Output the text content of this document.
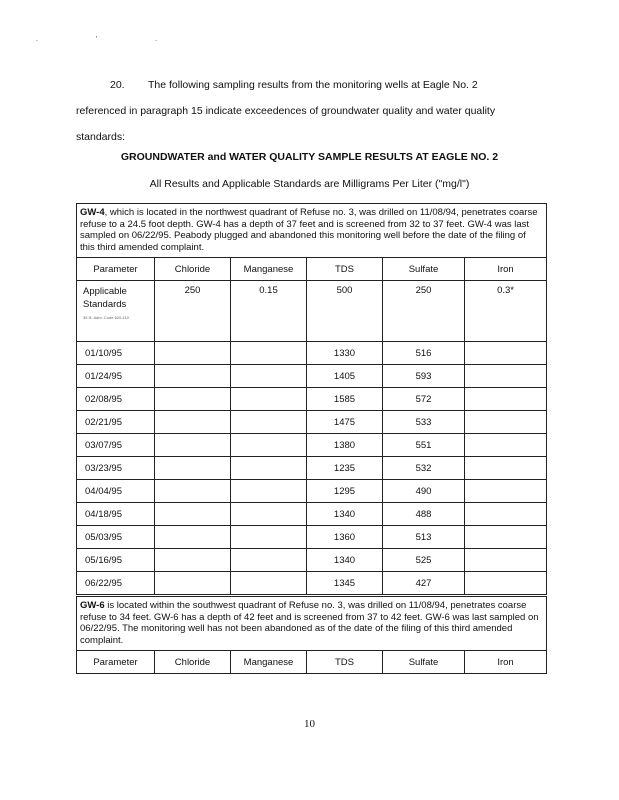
. ' .
20. The following sampling results from the monitoring wells at Eagle No. 2
referenced in paragraph 15 indicate exceedences of groundwater quality and water quality
standards:
GROUNDWATER and WATER QUALITY SAMPLE RESULTS AT EAGLE NO. 2
All Results and Applicable Standards are Milligrams Per Liter ("mg/l")
GW-4, which is located in the northwest quadrant of Refuse no. 3, was drilled on 11/08/94, penetrates coarse refuse to a 24.5 foot depth. GW-4 has a depth of 37 feet and is screened from 32 to 37 feet. GW-4 was last sampled on 06/22/95. Peabody plugged and abandoned this monitoring well before the date of the filing of this third amended complaint.					
Parameter	Chloride	Manganese	TDS	Sulfate	Iron

Applicable
Standards
35 Ill. Adm. Code 620.410	250	0.15	500	250	0.3*
01/10/95			1330	516	
01/24/95			1405	593	
02/08/95			1585	572	
02/21/95			1475	533	
03/07/95			1380	551	
03/23/95			1235	532	
04/04/95			1295	490	
04/18/95			1340	488	
05/03/95			1360	513	
05/16/95			1340	525	
06/22/95			1345	427	
GW-6 is located within the southwest quadrant of Refuse no. 3, was drilled on 11/08/94, penetrates coarse refuse to 34 feet. GW-6 has a depth of 42 feet and is screened from 37 to 42 feet. GW-6 was last sampled on 06/22/95. The monitoring well has not been abandoned as of the date of the filing of this third amended complaint.
Parameter	Chloride	Manganese	TDS	Sulfate	Iron
10
